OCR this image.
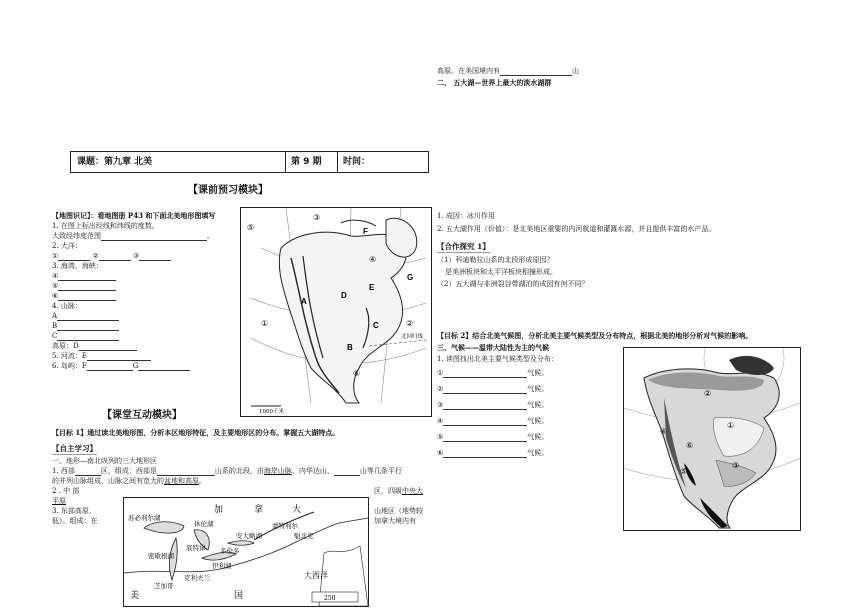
高原。在美国境内有	山
二、 五大湖—世界上最大的淡水湖群
课题：第九章 北美	第 9 期 时间：
【课前预习模块】
【地图识记】：看地图册 P43 和下面北美地形图填写
1. 在图上标出经线和纬线的度数。
大致经纬度范围	。
2. 大洋：
①	②	③
3. 海湾、海峡：
④
⑤
⑥
4. 山脉：
A
B
C
高原：D
5. 河流：E
6. 岛屿：F	G
北回归线
③
⑤
①	②
⑥
④
F
G
E
D
A
C
B
1000千米
【课堂互动模块】
【目标 1】通过读北美地形图，分析本区地形特征，及主要地形区的分布。掌握五大湖特点。
【自主学习】
一、地形—南北纵列的三大地形区
1. 西部	区，组成：西部是	山系的北段，由海岸山脉、内华达山、	山等几条平行
的并列山脉组成，山脉之间有宽大的盆地和高原。
2 . 中 部	区，四級中央大
平原
3. 东部高原、	山地区（地势较
低）。组成：在	加拿大境内有
加	拿	大
美	国
大西洋
蒙特利尔
魁北克
休伦湖
安大略湖
伊利湖
密歇根湖
苏必利尔湖
芝加哥
底特律 多伦多
克利夫兰
250
1. 成因：冰川作用
2. 五大湖作用（价值）：是北美地区重要的内河航道和灌溉水源，并且提供丰富的水产品。
【合作探究 1】
（1）科迪勒拉山系的北段形成原因？
是美洲板块和太平洋板块相撞形成。
（2）五大湖与非洲裂谷带湖泊的成因有何不同？
【目标 2】结合北美气候图，分析北美主要气候类型及分布特点，根据北美的地形分析对气候的影响。
三、气候——温带大陆性为主的气候
1. 读图找出北美主要气候类型及分布：
①	气候。
②	气候。
③	气候。
④	气候。
⑤	气候。
⑥	气候。
①
②
③
④
⑤
⑥
